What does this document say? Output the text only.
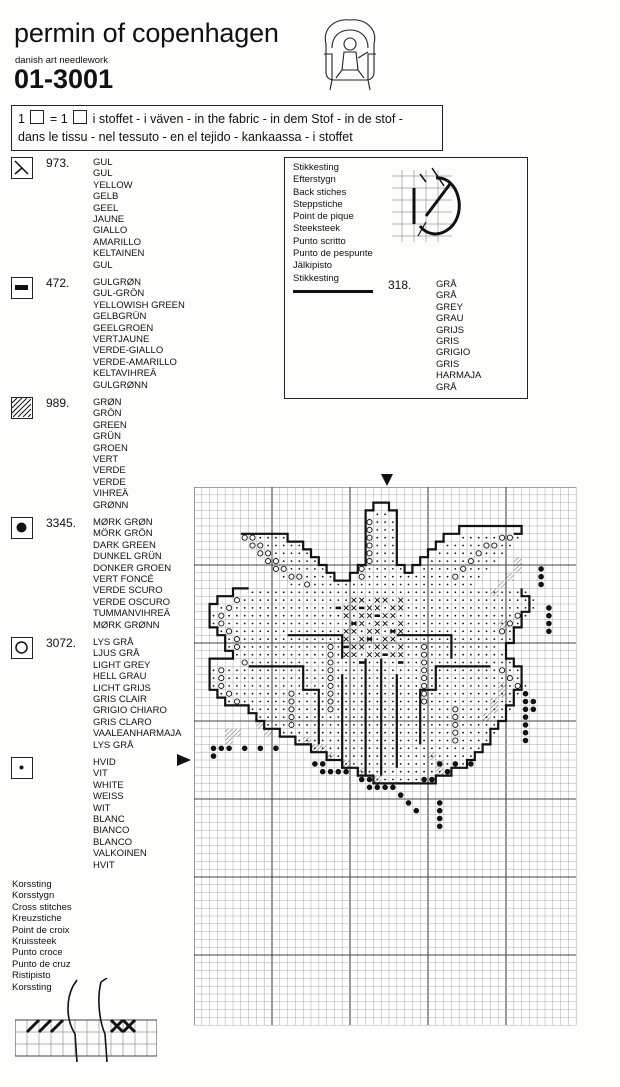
permin of copenhagen
danish art needlework
01-3001
1 = 1 i stoffet - i väven - in the fabric - in dem Stof - in de stof -
dans le tissu - nel tessuto - en el tejido - kankaassa - i stoffet
973. GUL
GUL
YELLOW
GELB
GEEL
JAUNE
GIALLO
AMARILLO
KELTAINEN
GUL
472. GULGRØN
GUL-GRÖN
YELLOWISH GREEN
GELBGRÜN
GEELGROEN
VERTJAUNE
VERDE-GIALLO
VERDE-AMARILLO
KELTAVIHREÄ
GULGRØNN
989. GRØN
GRÖN
GREEN
GRÜN
GROEN
VERT
VERDE
VERDE
VIHREÄ
GRØNN
3345. MØRK GRØN
MÖRK GRÖN
DARK GREEN
DUNKEL GRÜN
DONKER GROEN
VERT FONCÉ
VERDE SCURO
VERDE OSCURO
TUMMANVIHREÄ
MØRK GRØNN
3072. LYS GRÅ
LJUS GRÅ
LIGHT GREY
HELL GRAU
LICHT GRIJS
GRIS CLAIR
GRIGIO CHIARO
GRIS CLARO
VAALEANHARMAJA
LYS GRÅ
HVID
VIT
WHITE
WEISS
WIT
BLANC
BIANCO
BLANCO
VALKOINEN
HVIT
Stikkesting
Efterstygn
Back stiches
Steppstiche
Point de pique
Steeksteek
Punto scritto
Punto de pespunte
Jälkipisto
Stikkesting	318.	GRÅ
GRÅ
GREY
GRAU
GRIJS
GRIS
GRIGIO
GRIS
HARMAJA
GRÅ
Korssting
Korsstygn
Cross stitches
Kreuzstiche
Point de croix
Kruissteek
Punto croce
Punto de cruz
Ristipisto
Korssting
